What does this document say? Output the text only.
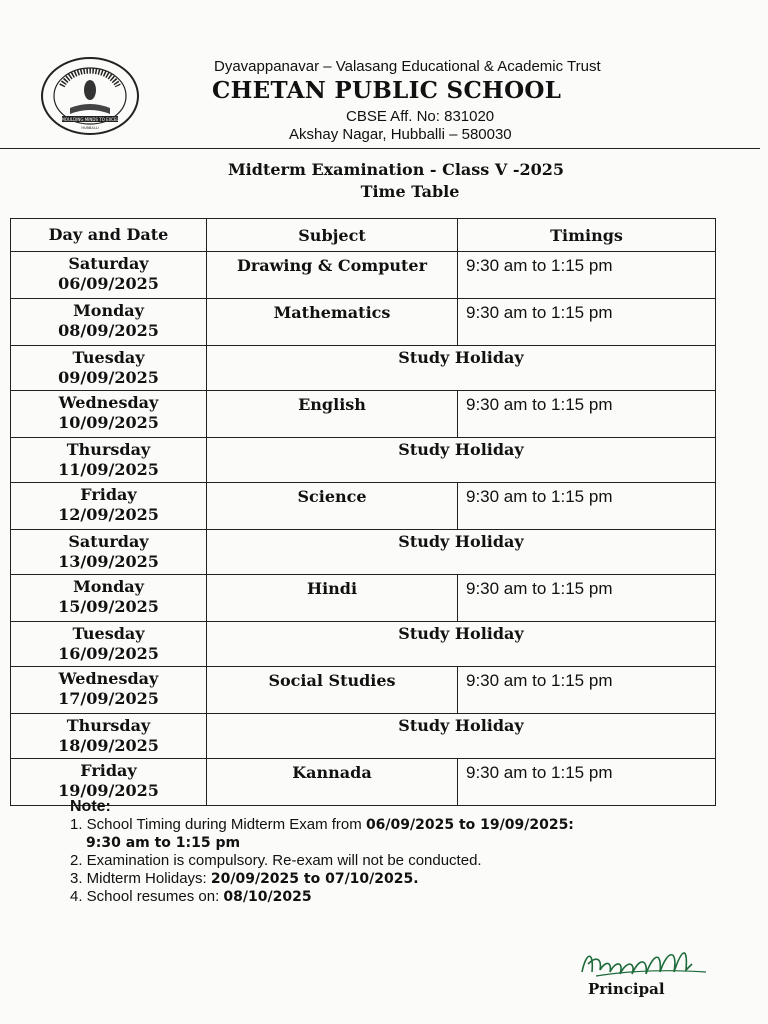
MOULDING MINDS TO EXCEL
HUBBALLI
Dyavappanavar – Valasang Educational & Academic Trust
CHETAN PUBLIC SCHOOL
CBSE Aff. No: 831020
Akshay Nagar, Hubballi – 580030
Midterm Examination - Class V -2025
Time Table
Day and Date	Subject	Timings

Saturday
06/09/2025	Drawing & Computer	9:30 am to 1:15 pm

Monday
08/09/2025	Mathematics	9:30 am to 1:15 pm

Tuesday
09/09/2025	Study Holiday	

Wednesday
10/09/2025	English	9:30 am to 1:15 pm

Thursday
11/09/2025	Study Holiday	

Friday
12/09/2025	Science	9:30 am to 1:15 pm

Saturday
13/09/2025	Study Holiday	

Monday
15/09/2025	Hindi	9:30 am to 1:15 pm

Tuesday
16/09/2025	Study Holiday	

Wednesday
17/09/2025	Social Studies	9:30 am to 1:15 pm

Thursday
18/09/2025	Study Holiday	

Friday
19/09/2025	Kannada	9:30 am to 1:15 pm
Note:
1. School Timing during Midterm Exam from 06/09/2025 to 19/09/2025:
9:30 am to 1:15 pm
2. Examination is compulsory. Re-exam will not be conducted.
3. Midterm Holidays: 20/09/2025 to 07/10/2025.
4. School resumes on: 08/10/2025
Kadugaddi
Principal
